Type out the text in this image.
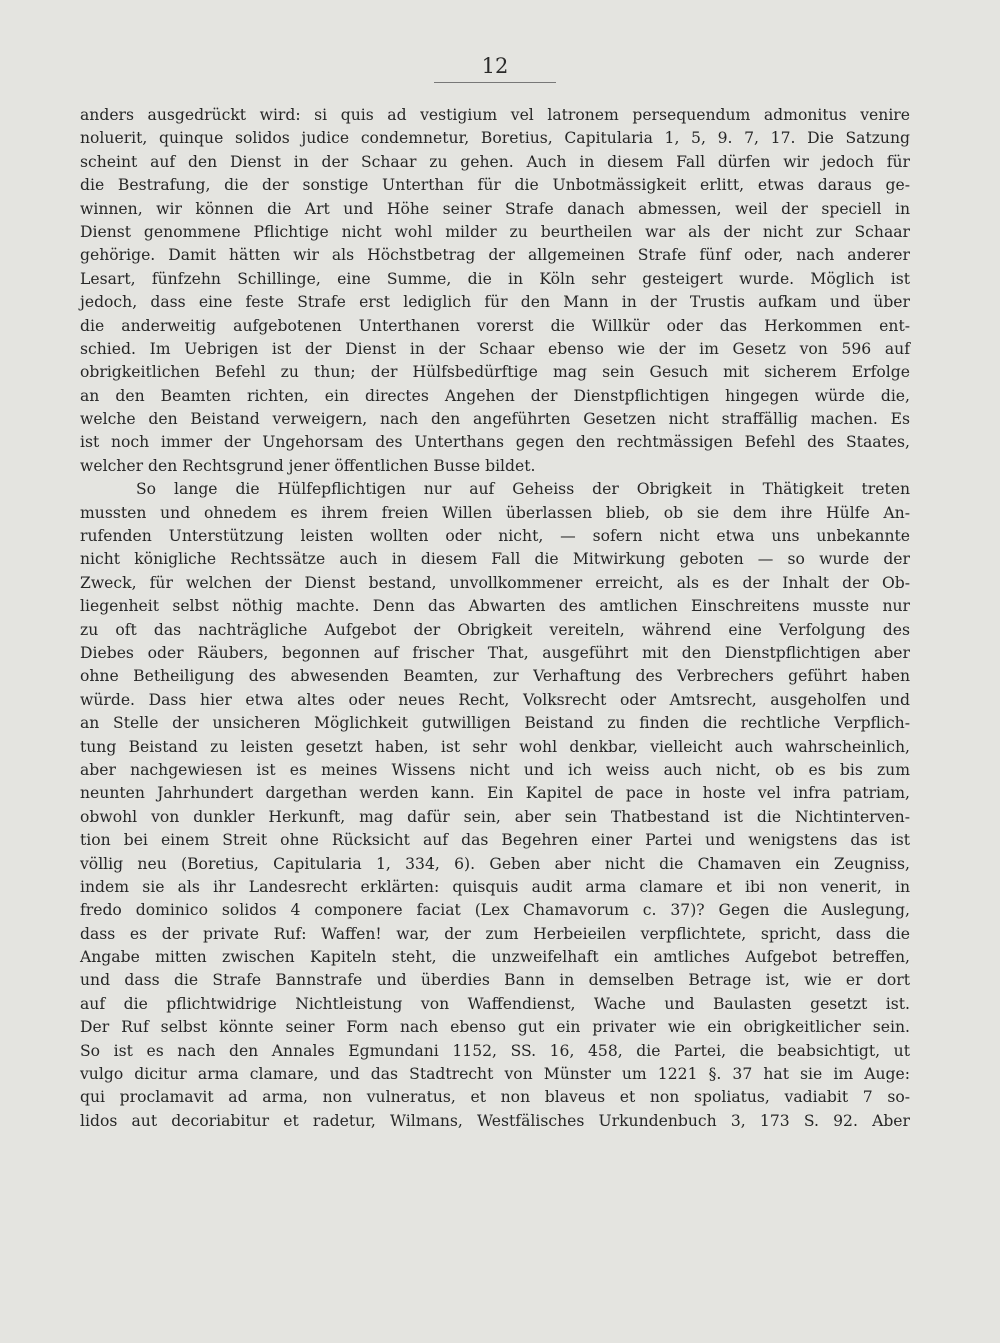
12
anders ausgedrückt wird: si quis ad vestigium vel latronem persequendum admonitus venire
noluerit, quinque solidos judice condemnetur, Boretius, Capitularia 1, 5, 9. 7, 17. Die Satzung
scheint auf den Dienst in der Schaar zu gehen. Auch in diesem Fall dürfen wir jedoch für
die Bestrafung, die der sonstige Unterthan für die Unbotmässigkeit erlitt, etwas daraus ge-
winnen, wir können die Art und Höhe seiner Strafe danach abmessen, weil der speciell in
Dienst genommene Pflichtige nicht wohl milder zu beurtheilen war als der nicht zur Schaar
gehörige. Damit hätten wir als Höchstbetrag der allgemeinen Strafe fünf oder, nach anderer
Lesart, fünfzehn Schillinge, eine Summe, die in Köln sehr gesteigert wurde. Möglich ist
jedoch, dass eine feste Strafe erst lediglich für den Mann in der Trustis aufkam und über
die anderweitig aufgebotenen Unterthanen vorerst die Willkür oder das Herkommen ent-
schied. Im Uebrigen ist der Dienst in der Schaar ebenso wie der im Gesetz von 596 auf
obrigkeitlichen Befehl zu thun; der Hülfsbedürftige mag sein Gesuch mit sicherem Erfolge
an den Beamten richten, ein directes Angehen der Dienstpflichtigen hingegen würde die,
welche den Beistand verweigern, nach den angeführten Gesetzen nicht straffällig machen. Es
ist noch immer der Ungehorsam des Unterthans gegen den rechtmässigen Befehl des Staates,
welcher den Rechtsgrund jener öffentlichen Busse bildet.
So lange die Hülfepflichtigen nur auf Geheiss der Obrigkeit in Thätigkeit treten
mussten und ohnedem es ihrem freien Willen überlassen blieb, ob sie dem ihre Hülfe An-
rufenden Unterstützung leisten wollten oder nicht, — sofern nicht etwa uns unbekannte
nicht königliche Rechtssätze auch in diesem Fall die Mitwirkung geboten — so wurde der
Zweck, für welchen der Dienst bestand, unvollkommener erreicht, als es der Inhalt der Ob-
liegenheit selbst nöthig machte. Denn das Abwarten des amtlichen Einschreitens musste nur
zu oft das nachträgliche Aufgebot der Obrigkeit vereiteln, während eine Verfolgung des
Diebes oder Räubers, begonnen auf frischer That, ausgeführt mit den Dienstpflichtigen aber
ohne Betheiligung des abwesenden Beamten, zur Verhaftung des Verbrechers geführt haben
würde. Dass hier etwa altes oder neues Recht, Volksrecht oder Amtsrecht, ausgeholfen und
an Stelle der unsicheren Möglichkeit gutwilligen Beistand zu finden die rechtliche Verpflich-
tung Beistand zu leisten gesetzt haben, ist sehr wohl denkbar, vielleicht auch wahrscheinlich,
aber nachgewiesen ist es meines Wissens nicht und ich weiss auch nicht, ob es bis zum
neunten Jahrhundert dargethan werden kann. Ein Kapitel de pace in hoste vel infra patriam,
obwohl von dunkler Herkunft, mag dafür sein, aber sein Thatbestand ist die Nichtinterven-
tion bei einem Streit ohne Rücksicht auf das Begehren einer Partei und wenigstens das ist
völlig neu (Boretius, Capitularia 1, 334, 6). Geben aber nicht die Chamaven ein Zeugniss,
indem sie als ihr Landesrecht erklärten: quisquis audit arma clamare et ibi non venerit, in
fredo dominico solidos 4 componere faciat (Lex Chamavorum c. 37)? Gegen die Auslegung,
dass es der private Ruf: Waffen! war, der zum Herbeieilen verpflichtete, spricht, dass die
Angabe mitten zwischen Kapiteln steht, die unzweifelhaft ein amtliches Aufgebot betreffen,
und dass die Strafe Bannstrafe und überdies Bann in demselben Betrage ist, wie er dort
auf die pflichtwidrige Nichtleistung von Waffendienst, Wache und Baulasten gesetzt ist.
Der Ruf selbst könnte seiner Form nach ebenso gut ein privater wie ein obrigkeitlicher sein.
So ist es nach den Annales Egmundani 1152, SS. 16, 458, die Partei, die beabsichtigt, ut
vulgo dicitur arma clamare, und das Stadtrecht von Münster um 1221 §. 37 hat sie im Auge:
qui proclamavit ad arma, non vulneratus, et non blaveus et non spoliatus, vadiabit 7 so-
lidos aut decoriabitur et radetur, Wilmans, Westfälisches Urkundenbuch 3, 173 S. 92. Aber
